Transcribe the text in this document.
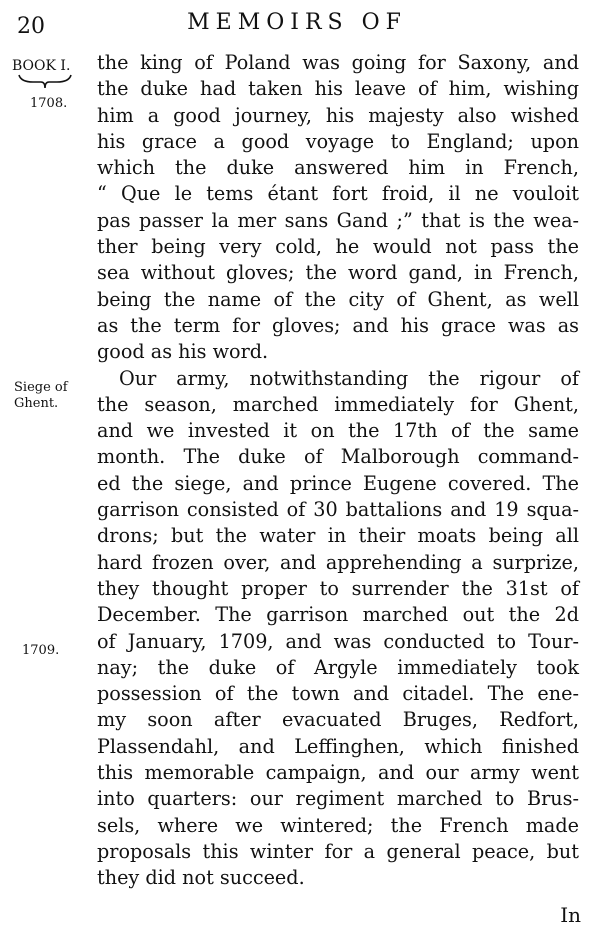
20	MEMOIRS OF
BOOK I.
1708.
Siege of
Ghent.
1709.
the king of Poland was going for Saxony, and
the duke had taken his leave of him, wishing
him a good journey, his majesty also wished
his grace a good voyage to England; upon
which the duke answered him in French,
“ Que le tems étant fort froid, il ne vouloit
pas passer la mer sans Gand ;” that is the wea-
ther being very cold, he would not pass the
sea without gloves; the word gand, in French,
being the name of the city of Ghent, as well
as the term for gloves; and his grace was as
good as his word.
Our army, notwithstanding the rigour of
the season, marched immediately for Ghent,
and we invested it on the 17th of the same
month. The duke of Malborough command-
ed the siege, and prince Eugene covered. The
garrison consisted of 30 battalions and 19 squa-
drons; but the water in their moats being all
hard frozen over, and apprehending a surprize,
they thought proper to surrender the 31st of
December. The garrison marched out the 2d
of January, 1709, and was conducted to Tour-
nay; the duke of Argyle immediately took
possession of the town and citadel. The ene-
my soon after evacuated Bruges, Redfort,
Plassendahl, and Leffinghen, which finished
this memorable campaign, and our army went
into quarters: our regiment marched to Brus-
sels, where we wintered; the French made
proposals this winter for a general peace, but
they did not succeed.
In
